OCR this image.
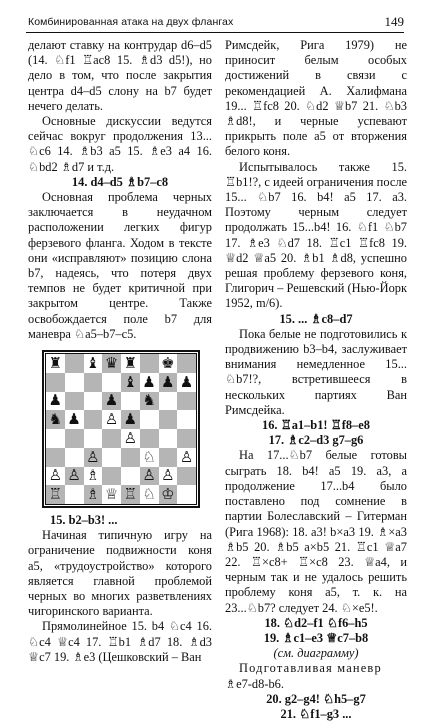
Комбинированная атака на двух флангах	149

делают ставку на контрудар d6–d5 (14. ♘f1 ♖ac8 15. ♗d3 d5!), но дело в том, что после закрытия центра d4–d5 слону на b7 будет нечего делать.

Основные дискуссии ведутся сейчас вокруг продолжения 13... ♘c6 14. ♗b3 a5 15. ♗e3 a4 16. ♘bd2 ♗d7 и т.д.

14. d4–d5 ♗b7–c8

Основная проблема черных заключается в неудачном расположении легких фигур ферзевого фланга. Ходом в тексте они «исправляют» позицию слона b7, надеясь, что потеря двух темпов не будет критичной при закрытом центре. Также освобождается поле b7 для маневра ♘a5–b7–c5.

♜ ♝ ♛ ♜ ♚
♝ ♟ ♟ ♟
♟	♟ ♞
♞ ♟ ♙ ♟
♙
♙	♘ ♙
♙ ♙ ♗	♙ ♙
♖ ♗ ♕ ♖ ♘ ♔

15. b2–b3! ...

Начиная типичную игру на ограничение подвижности коня a5, «трудоустройство» которого является главной проблемой черных во многих разветвлениях чигоринского варианта.

Прямолинейное 15. b4 ♘c4 16. ♘c4 ♕c4 17. ♖b1 ♗d7 18. ♗d3 ♕c7 19. ♗e3 (Цешковский – Ван

Римсдейк, Рига 1979) не приносит белым особых достижений в связи с рекомендацией А. Халифмана 19... ♖fc8 20. ♘d2 ♕b7 21. ♘b3 ♗d8!, и черные успевают прикрыть поле a5 от вторжения белого коня.

Испытывалось также 15. ♖b1!?, с идеей ограничения после 15... ♘b7 16. b4! a5 17. a3. Поэтому черным следует продолжать 15...b4! 16. ♘f1 ♘b7 17. ♗e3 ♘d7 18. ♖c1 ♖fc8 19. ♕d2 ♕a5 20. ♗b1 ♗d8, успешно решая проблему ферзевого коня, Глигорич – Решевский (Нью-Йорк 1952, m/6).

15. ... ♗c8–d7

Пока белые не подготовились к продвижению b3–b4, заслуживает внимания немедленное 15... ♘b7!?, встретившееся в нескольких партиях Ван Римсдейка.

16. ♖a1–b1! ♖f8–e8

17. ♗c2–d3 g7–g6

На 17...♘b7 белые готовы сыграть 18. b4! a5 19. a3, а продолжение 17...b4 было поставлено под сомнение в партии Болеславский – Гитерман (Рига 1968): 18. a3! b×a3 19. ♗×a3 ♗b5 20. ♗b5 a×b5 21. ♖c1 ♕a7 22. ♖×c8+ ♖×c8 23. ♕a4, и черным так и не удалось решить проблему коня a5, т. к. на 23...♘b7? следует 24. ♘×e5!.

18. ♘d2–f1 ♘f6–h5

19. ♗c1–e3 ♕c7–b8

(см. диаграмму)

Подготавливая маневр

♗e7-d8-b6.

20. g2–g4! ♘h5–g7

21. ♘f1–g3 ...
